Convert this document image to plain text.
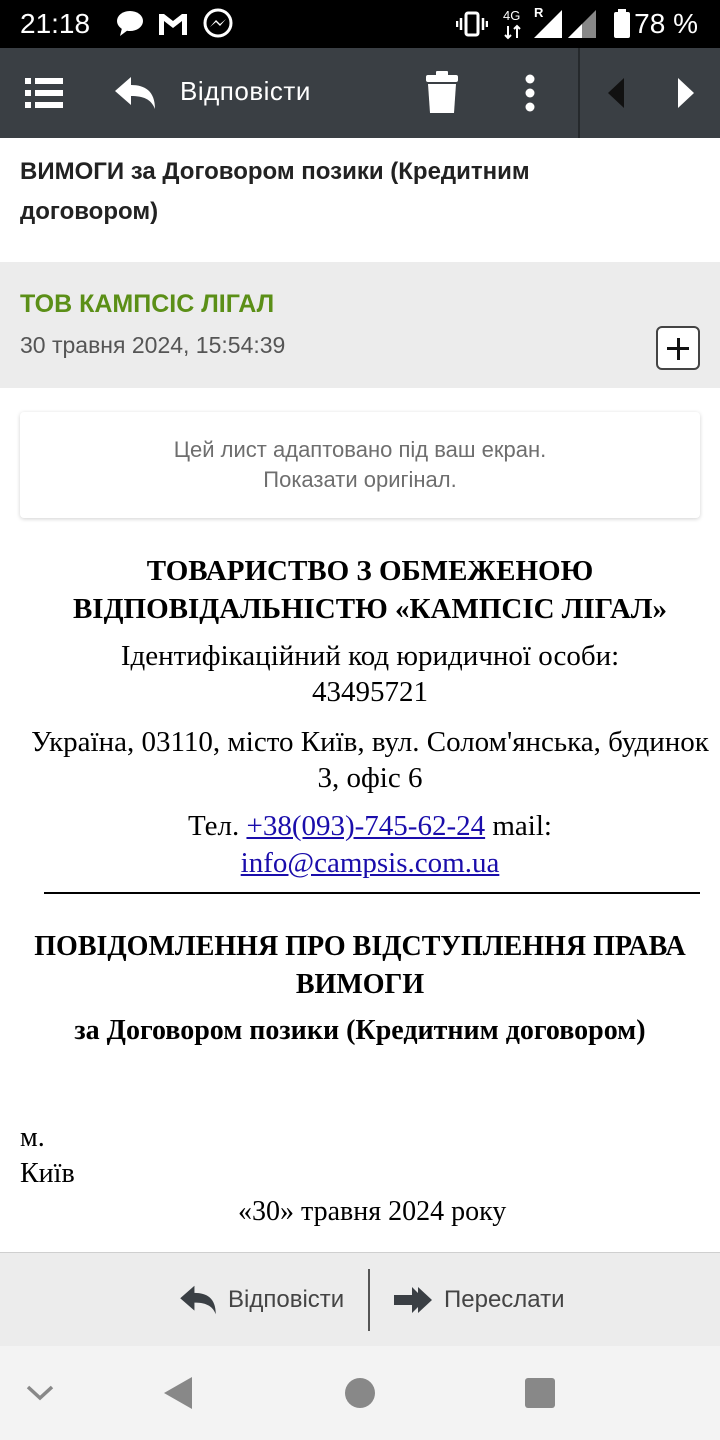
21:18	4G R	78 %
ВИМОГИ за Договором позики (Кредитним договором)
Відповісти
ТОВ КАМПСІС ЛІГАЛ
30 травня 2024, 15:54:39
Цей лист адаптовано під ваш екран.
Показати оригінал.
ТОВАРИСТВО З ОБМЕЖЕНОЮ ВІДПОВІДАЛЬНІСТЮ «КАМПСІС ЛІГАЛ»
Ідентифікаційний код юридичної особи:
43495721
Україна, 03110, місто Київ, вул. Солом'янська, будинок 3, офіс 6
Тел. +38(093)-745-62-24 mail:
info@campsis.com.ua
ПОВІДОМЛЕННЯ ПРО ВІДСТУПЛЕННЯ ПРАВА ВИМОГИ
за Договором позики (Кредитним договором)
м.
Київ
«30» травня 2024 року
Відповісти	Переслати
